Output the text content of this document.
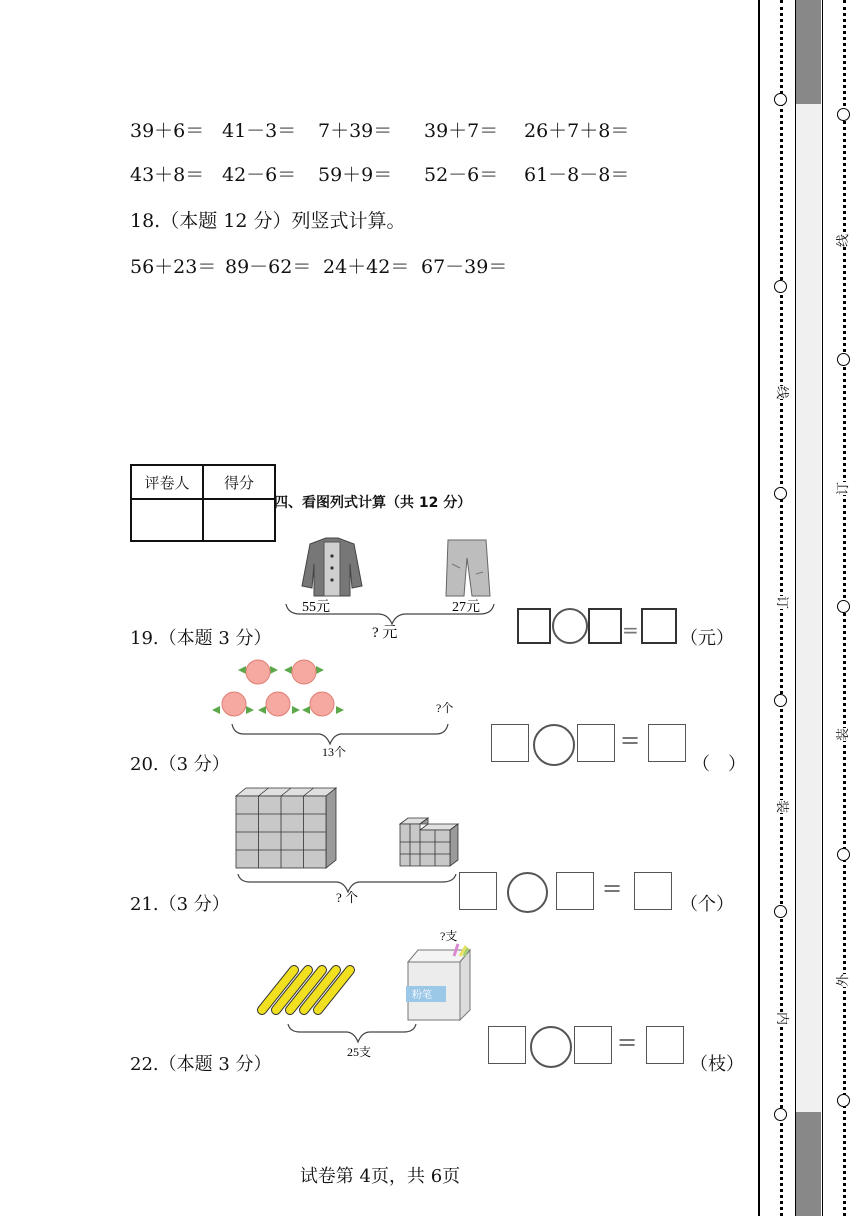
39＋6＝ 41－3＝ 7＋39＝ 39＋7＝ 26＋7＋8＝
43＋8＝ 42－6＝ 59＋9＝ 52－6＝ 61－8－8＝
18.（本题 12 分）列竖式计算。
56＋23＝ 89－62＝ 24＋42＝ 67－39＝
评卷人	得分

四、看图列式计算（共 12 分）
55元	27元
? 元
19.（本题 3 分）	= （元）
13个
?个
20.（3 分）
=
（　）
? 个
21.（3 分）
=
（个）
粉笔
?支
25支
22.（本题 3 分）
=
（枝）
试卷第 4页，共 6页
线
订
装
内
线
订
装
外
